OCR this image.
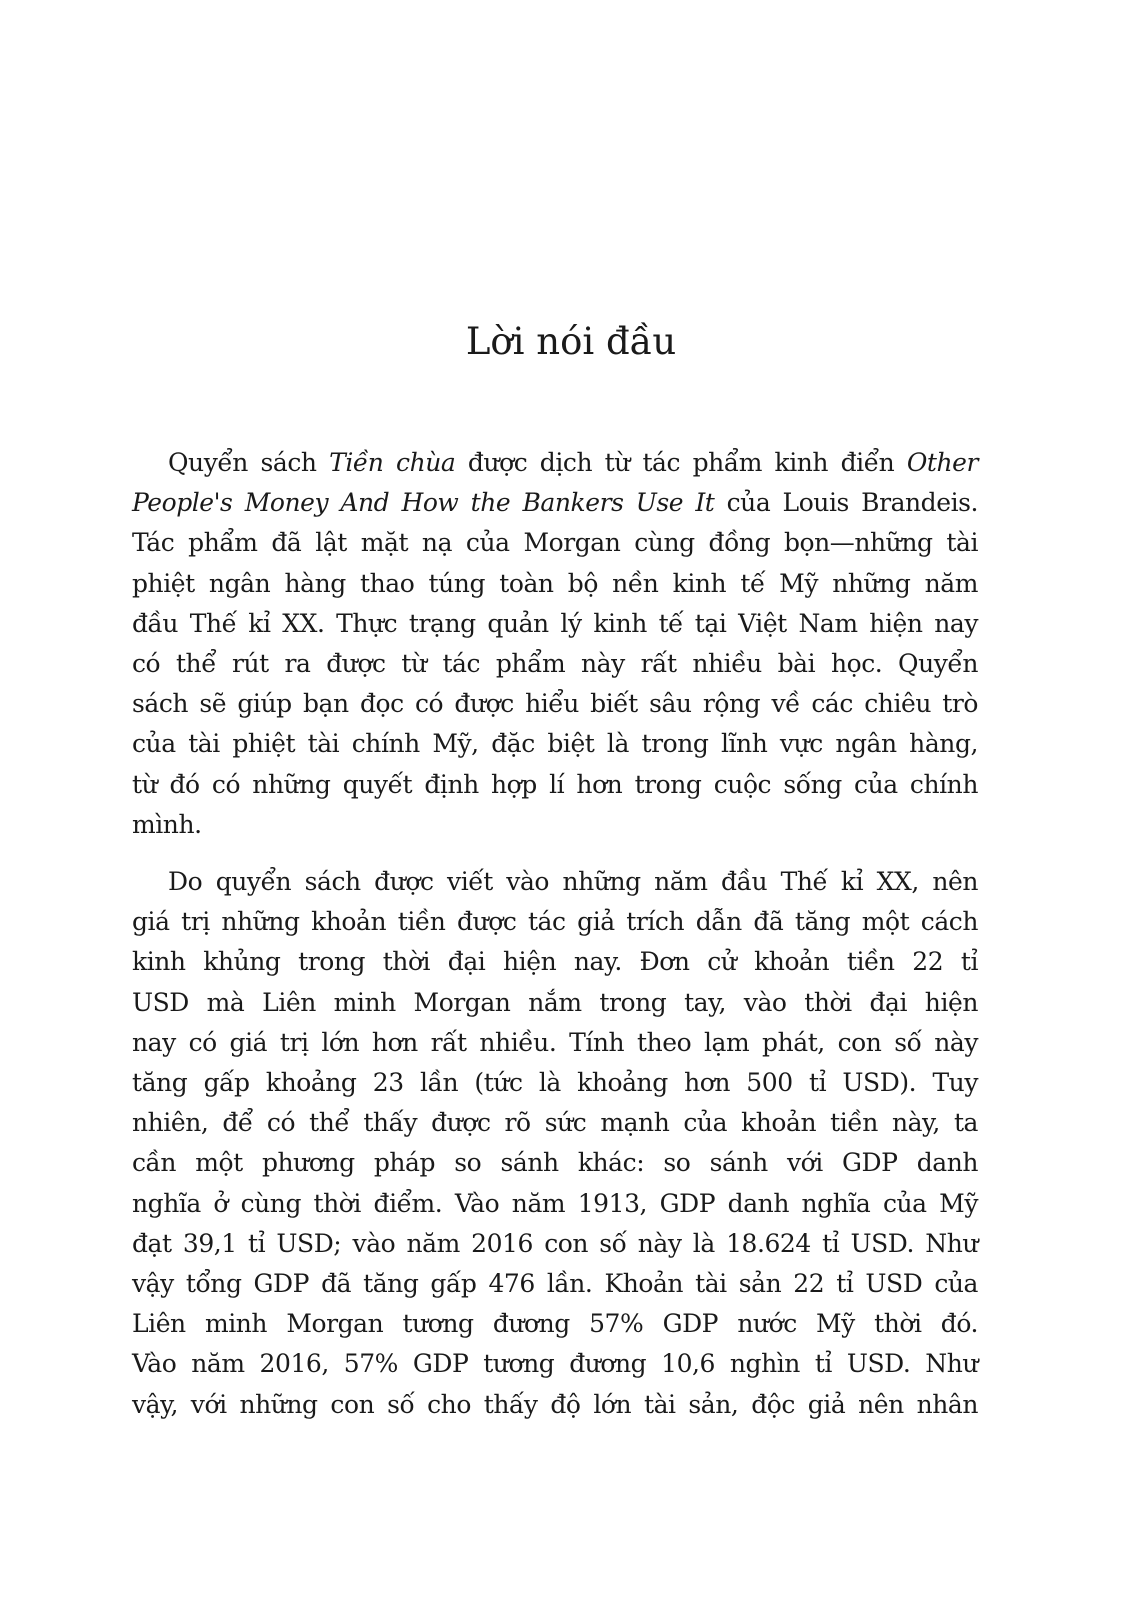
Lời nói đầu
Quyển sách Tiền chùa được dịch từ tác phẩm kinh điển Other
People's Money And How the Bankers Use It của Louis Brandeis.
Tác phẩm đã lật mặt nạ của Morgan cùng đồng bọn—những tài
phiệt ngân hàng thao túng toàn bộ nền kinh tế Mỹ những năm
đầu Thế kỉ XX. Thực trạng quản lý kinh tế tại Việt Nam hiện nay
có thể rút ra được từ tác phẩm này rất nhiều bài học. Quyển
sách sẽ giúp bạn đọc có được hiểu biết sâu rộng về các chiêu trò
của tài phiệt tài chính Mỹ, đặc biệt là trong lĩnh vực ngân hàng,
từ đó có những quyết định hợp lí hơn trong cuộc sống của chính
mình.
Do quyển sách được viết vào những năm đầu Thế kỉ XX, nên
giá trị những khoản tiền được tác giả trích dẫn đã tăng một cách
kinh khủng trong thời đại hiện nay. Đơn cử khoản tiền 22 tỉ
USD mà Liên minh Morgan nắm trong tay, vào thời đại hiện
nay có giá trị lớn hơn rất nhiều. Tính theo lạm phát, con số này
tăng gấp khoảng 23 lần (tức là khoảng hơn 500 tỉ USD). Tuy
nhiên, để có thể thấy được rõ sức mạnh của khoản tiền này, ta
cần một phương pháp so sánh khác: so sánh với GDP danh
nghĩa ở cùng thời điểm. Vào năm 1913, GDP danh nghĩa của Mỹ
đạt 39,1 tỉ USD; vào năm 2016 con số này là 18.624 tỉ USD. Như
vậy tổng GDP đã tăng gấp 476 lần. Khoản tài sản 22 tỉ USD của
Liên minh Morgan tương đương 57% GDP nước Mỹ thời đó.
Vào năm 2016, 57% GDP tương đương 10,6 nghìn tỉ USD. Như
vậy, với những con số cho thấy độ lớn tài sản, độc giả nên nhân
